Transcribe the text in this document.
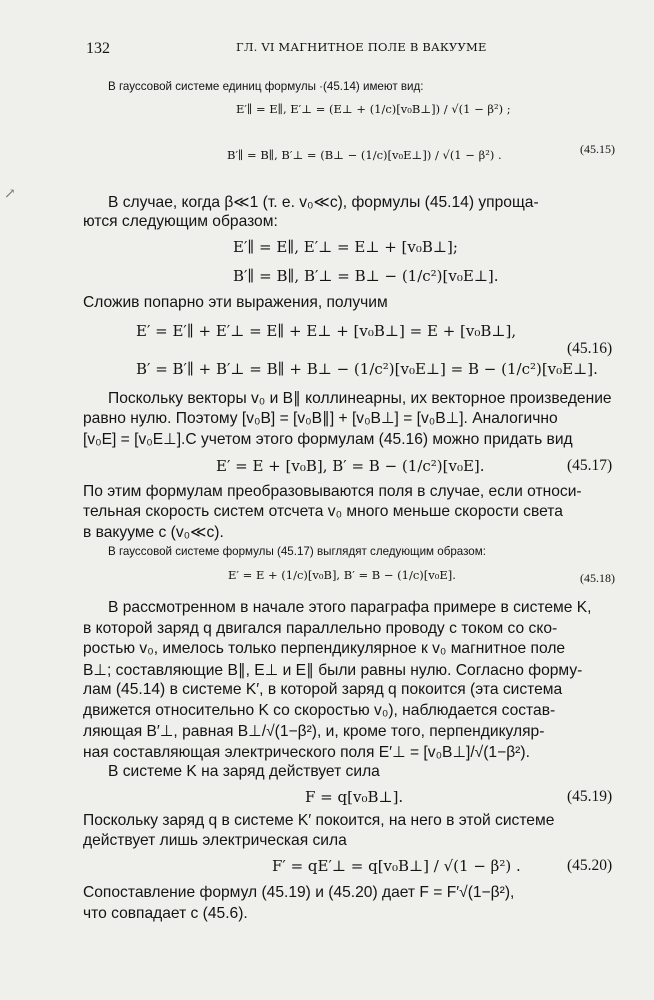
132	ГЛ. VI МАГНИТНОЕ ПОЛЕ В ВАКУУМЕ
↗
В гауссовой системе единиц формулы ·(45.14) имеют вид:
E′∥ = E∥, E′⊥ = (E⊥ + (1/c)[v₀B⊥]) / √(1 − β²) ;
B′∥ = B∥, B′⊥ = (B⊥ − (1/c)[v₀E⊥]) / √(1 − β²) .	(45.15)
В случае, когда β≪1 (т. е. v₀≪c), формулы (45.14) упроща-
ются следующим образом:
E′∥ = E∥, E′⊥ = E⊥ + [v₀B⊥];
B′∥ = B∥, B′⊥ = B⊥ − (1/c²)[v₀E⊥].
Сложив попарно эти выражения, получим
E′ = E′∥ + E′⊥ = E∥ + E⊥ + [v₀B⊥] = E + [v₀B⊥],
(45.16)
B′ = B′∥ + B′⊥ = B∥ + B⊥ − (1/c²)[v₀E⊥] = B − (1/c²)[v₀E⊥].
Поскольку векторы v₀ и B∥ коллинеарны, их векторное произведение
равно нулю. Поэтому [v₀B] = [v₀B∥] + [v₀B⊥] = [v₀B⊥]. Аналогично
[v₀E] = [v₀E⊥].С учетом этого формулам (45.16) можно придать вид
E′ = E + [v₀B], B′ = B − (1/c²)[v₀E].	(45.17)
По этим формулам преобразовываются поля в случае, если относи-
тельная скорость систем отсчета v₀ много меньше скорости света
в вакууме c (v₀≪c).
В гауссовой системе формулы (45.17) выглядят следующим образом:
E′ = E + (1/c)[v₀B], B′ = B − (1/c)[v₀E].	(45.18)
В рассмотренном в начале этого параграфа примере в системе K,
в которой заряд q двигался параллельно проводу с током со ско-
ростью v₀, имелось только перпендикулярное к v₀ магнитное поле
B⊥; составляющие B∥, E⊥ и E∥ были равны нулю. Согласно форму-
лам (45.14) в системе K′, в которой заряд q покоится (эта система
движется относительно K со скоростью v₀), наблюдается состав-
ляющая B′⊥, равная B⊥/√(1−β²), и, кроме того, перпендикуляр-
ная составляющая электрического поля E′⊥ = [v₀B⊥]/√(1−β²).
В системе K на заряд действует сила
F = q[v₀B⊥].	(45.19)
Поскольку заряд q в системе K′ покоится, на него в этой системе
действует лишь электрическая сила
F′ = qE′⊥ = q[v₀B⊥] / √(1 − β²) .	(45.20)
Сопоставление формул (45.19) и (45.20) дает F = F′√(1−β²),
что совпадает с (45.6).
